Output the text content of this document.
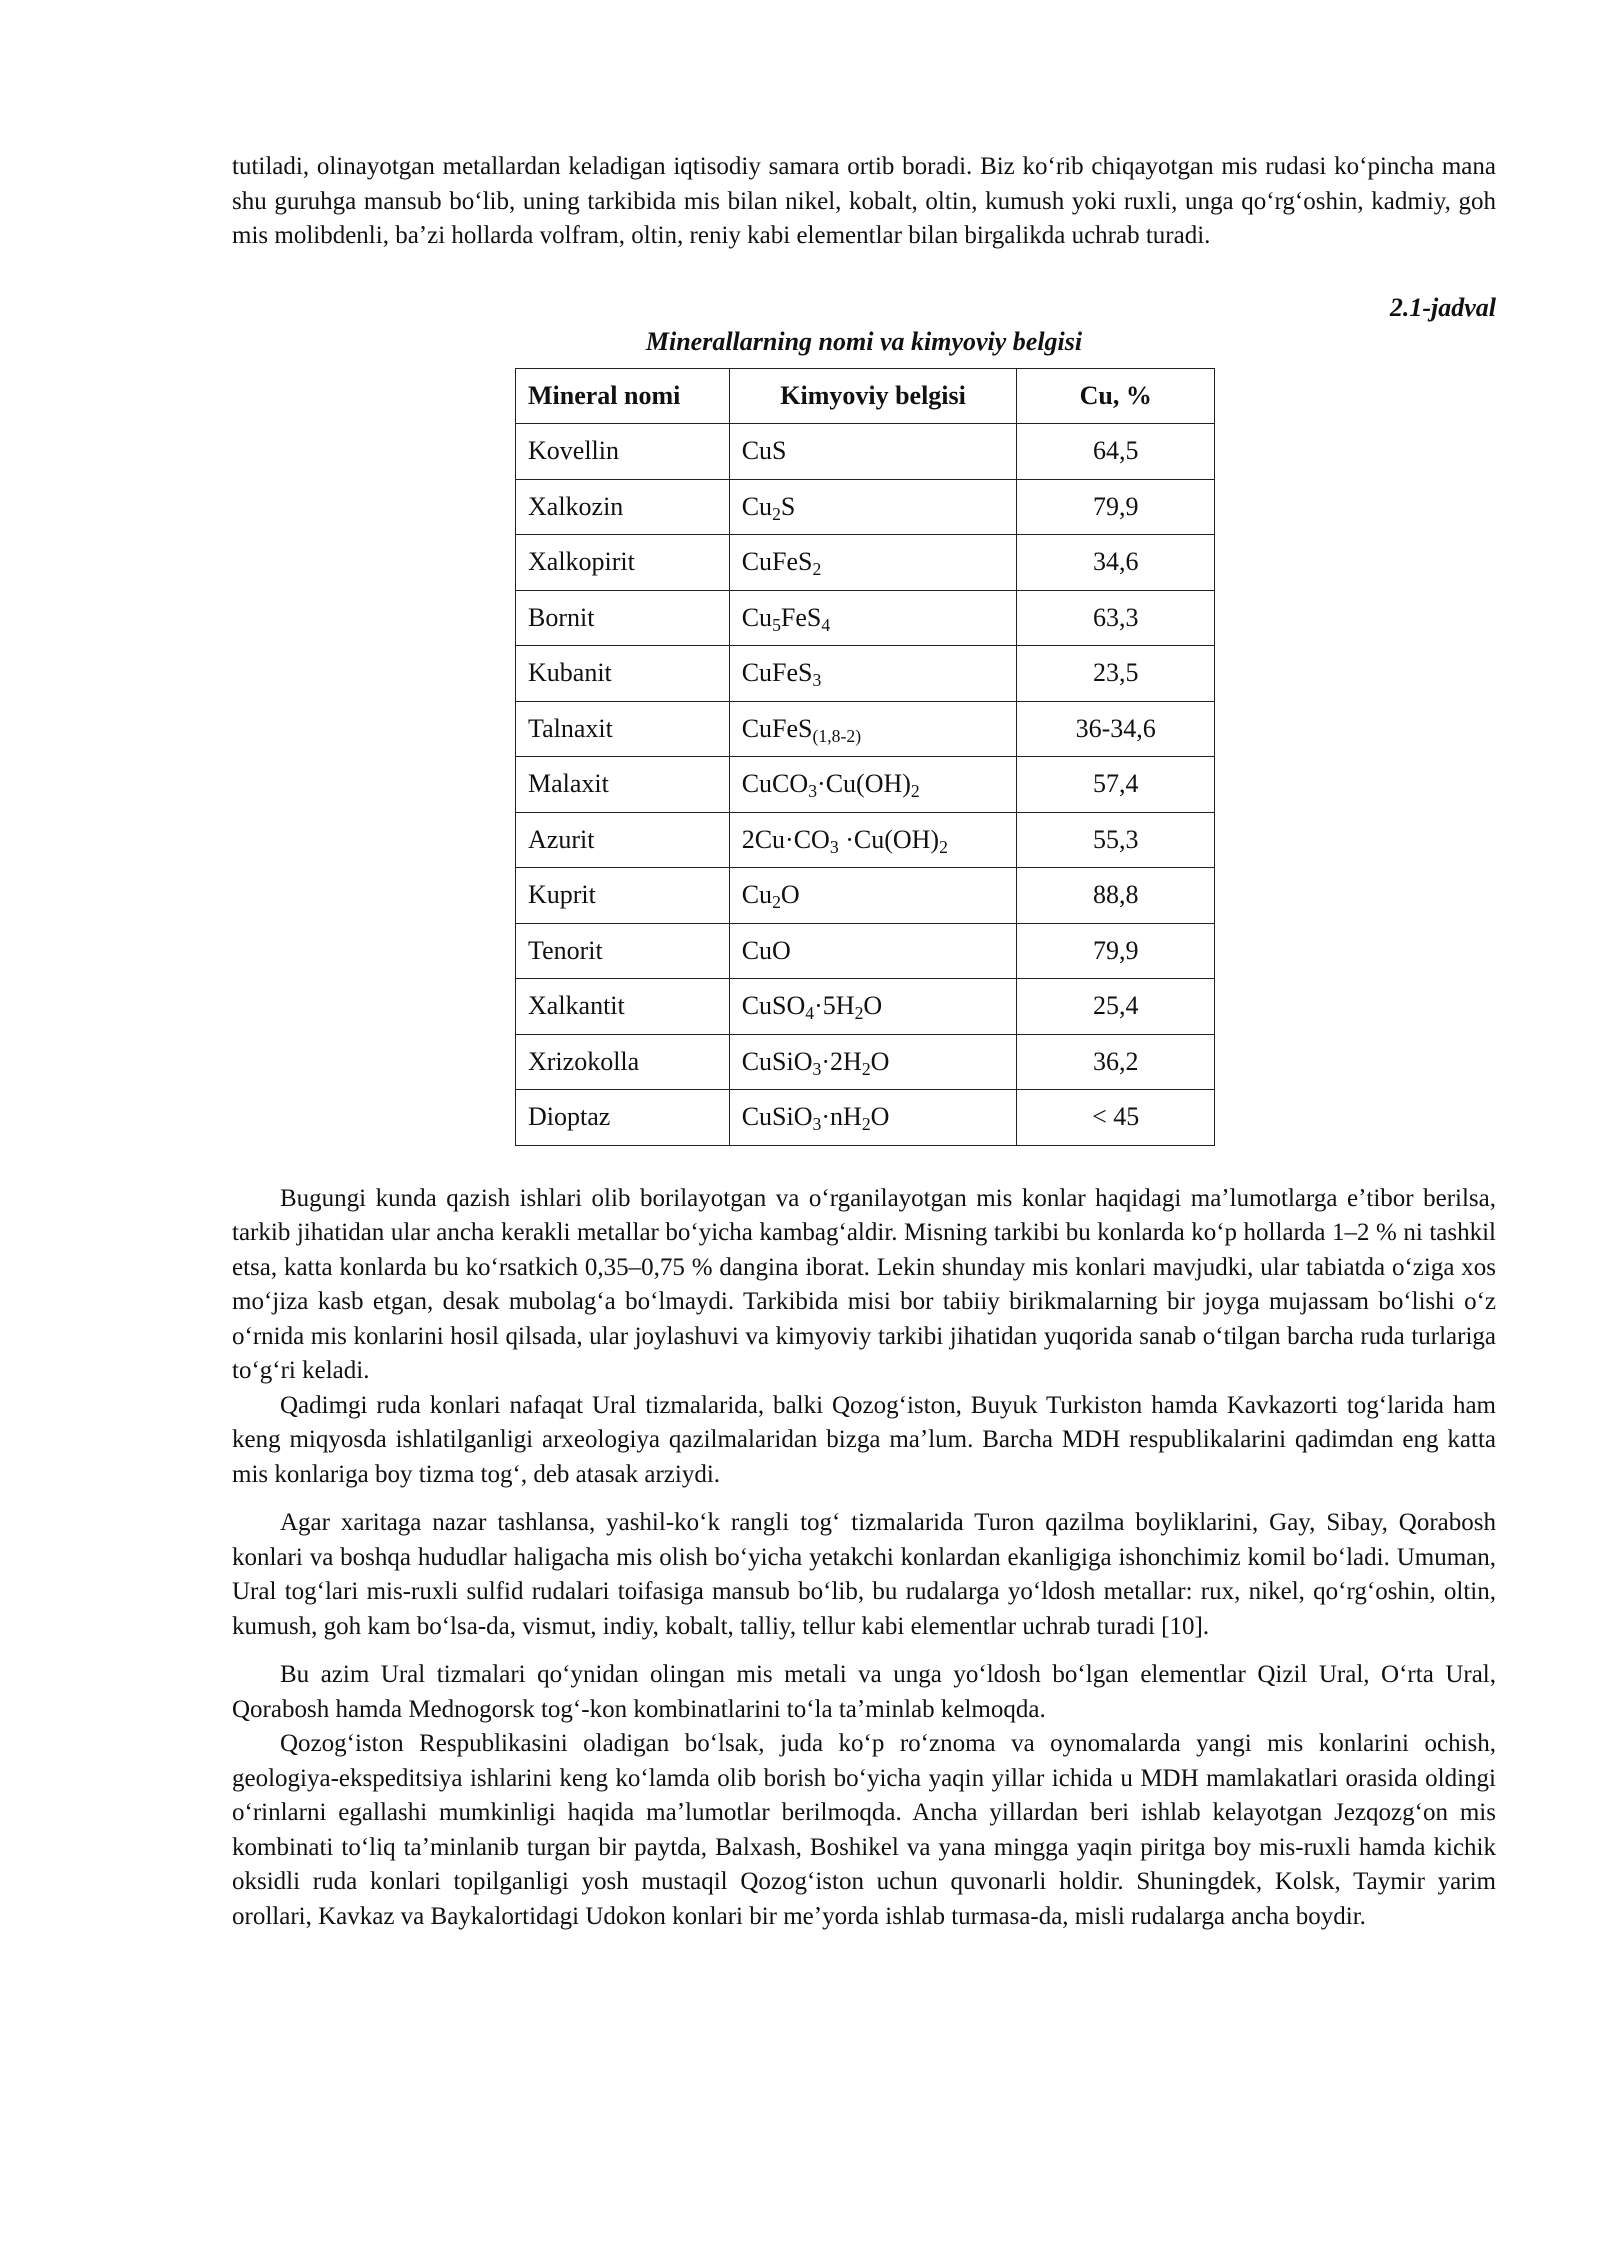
tutiladi, olinayotgan metallardan keladigan iqtisodiy samara ortib boradi. Biz koʻrib chiqayotgan mis rudasi koʻpincha mana shu guruhga mansub boʻlib, uning tarkibida mis bilan nikel, kobalt, oltin, kumush yoki ruxli, unga qoʻrgʻoshin, kadmiy, goh mis molibdenli, baʼzi hollarda volfram, oltin, reniy kabi elementlar bilan birgalikda uchrab turadi.

2.1-jadval
Minerallarning nomi va kimyoviy belgisi
Mineral nomi	Kimyoviy belgisi	Cu, %
Kovellin	CuS	64,5
Xalkozin	Cu2S	79,9
Xalkopirit	CuFeS2	34,6
Bornit	Cu5FeS4	63,3
Kubanit	CuFeS3	23,5
Talnaxit	CuFeS(1,8-2)	36-34,6
Malaxit	CuCO3·Cu(OH)2	57,4
Azurit	2Cu·CO3 ·Cu(OH)2	55,3
Kuprit	Cu2O	88,8
Tenorit	CuO	79,9
Xalkantit	CuSO4·5H2O	25,4
Xrizokolla	CuSiO3·2H2O	36,2
Dioptaz	CuSiO3·nH2O	< 45

Bugungi kunda qazish ishlari olib borilayotgan va oʻrganilayotgan mis konlar haqidagi maʼlumotlarga eʼtibor berilsa, tarkib jihatidan ular ancha kerakli metallar boʻyicha kambagʻaldir. Misning tarkibi bu konlarda koʻp hollarda 1–2 % ni tashkil etsa, katta konlarda bu koʻrsatkich 0,35–0,75 % dangina iborat. Lekin shunday mis konlari mavjudki, ular tabiatda oʻziga xos moʻjiza kasb etgan, desak mubolagʻa boʻlmaydi. Tarkibida misi bor tabiiy birikmalarning bir joyga mujassam boʻlishi oʻz oʻrnida mis konlarini hosil qilsada, ular joylashuvi va kimyoviy tarkibi jihatidan yuqorida sanab oʻtilgan barcha ruda turlariga toʻgʻri keladi.

Qadimgi ruda konlari nafaqat Ural tizmalarida, balki Qozogʻiston, Buyuk Turkiston hamda Kavkazorti togʻlarida ham keng miqyosda ishlatilganligi arxeologiya qazilmalaridan bizga maʼlum. Barcha MDH respublikalarini qadimdan eng katta mis konlariga boy tizma togʻ, deb atasak arziydi.

Agar xaritaga nazar tashlansa, yashil-koʻk rangli togʻ tizmalarida Turon qazilma boyliklarini, Gay, Sibay, Qorabosh konlari va boshqa hududlar haligacha mis olish boʻyicha yetakchi konlardan ekanligiga ishonchimiz komil boʻladi. Umuman, Ural togʻlari mis-ruxli sulfid rudalari toifasiga mansub boʻlib, bu rudalarga yoʻldosh metallar: rux, nikel, qoʻrgʻoshin, oltin, kumush, goh kam boʻlsa-da, vismut, indiy, kobalt, talliy, tellur kabi elementlar uchrab turadi [10].

Bu azim Ural tizmalari qoʻynidan olingan mis metali va unga yoʻldosh boʻlgan elementlar Qizil Ural, Oʻrta Ural, Qorabosh hamda Mednogorsk togʻ-kon kombinatlarini toʻla taʼminlab kelmoqda.

Qozogʻiston Respublikasini oladigan boʻlsak, juda koʻp roʻznoma va oynomalarda yangi mis konlarini ochish, geologiya-ekspeditsiya ishlarini keng koʻlamda olib borish boʻyicha yaqin yillar ichida u MDH mamlakatlari orasida oldingi oʻrinlarni egallashi mumkinligi haqida maʼlumotlar berilmoqda. Ancha yillardan beri ishlab kelayotgan Jezqozgʻon mis kombinati toʻliq taʼminlanib turgan bir paytda, Balxash, Boshikel va yana mingga yaqin piritga boy mis-ruxli hamda kichik oksidli ruda konlari topilganligi yosh mustaqil Qozogʻiston uchun quvonarli holdir. Shuningdek, Kolsk, Taymir yarim orollari, Kavkaz va Baykalortidagi Udokon konlari bir meʼyorda ishlab turmasa-da, misli rudalarga ancha boydir.
